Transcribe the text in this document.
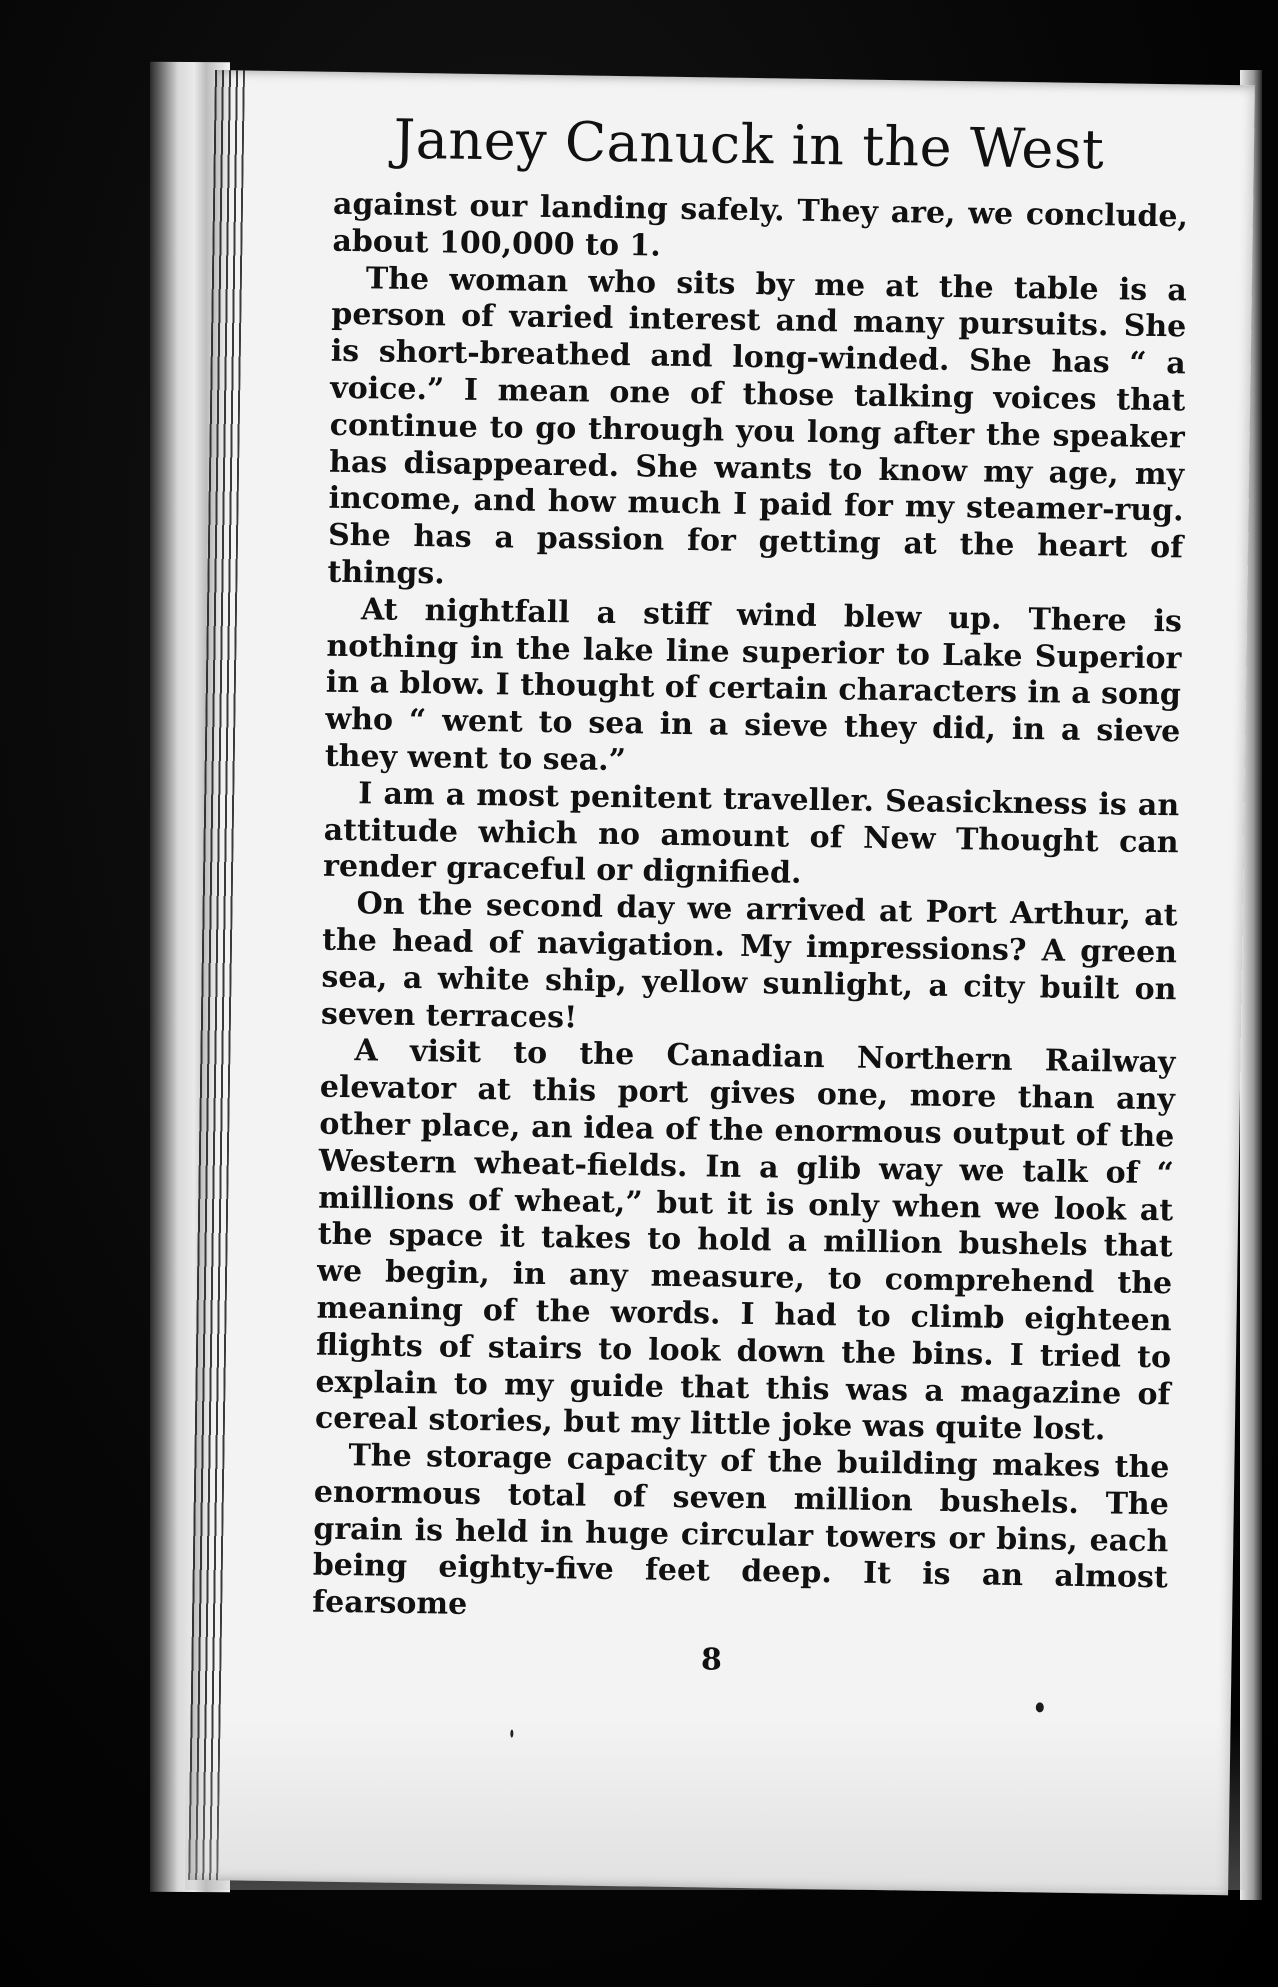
Janey Canuck in the West

against our landing safely. They are, we conclude, about 100,000 to 1.

The woman who sits by me at the table is a person of varied interest and many pursuits. She is short-breathed and long-winded. She has “ a voice.” I mean one of those talking voices that continue to go through you long after the speaker has disappeared. She wants to know my age, my income, and how much I paid for my steamer-rug. She has a passion for getting at the heart of things.

At nightfall a stiff wind blew up. There is nothing in the lake line superior to Lake Superior in a blow. I thought of certain characters in a song who “ went to sea in a sieve they did, in a sieve they went to sea.”

I am a most penitent traveller. Seasickness is an attitude which no amount of New Thought can render graceful or dignified.

On the second day we arrived at Port Arthur, at the head of navigation. My impressions? A green sea, a white ship, yellow sunlight, a city built on seven terraces!

A visit to the Canadian Northern Railway elevator at this port gives one, more than any other place, an idea of the enormous output of the Western wheat-fields. In a glib way we talk of “ millions of wheat,” but it is only when we look at the space it takes to hold a million bushels that we begin, in any measure, to comprehend the meaning of the words. I had to climb eighteen flights of stairs to look down the bins. I tried to explain to my guide that this was a magazine of cereal stories, but my little joke was quite lost.

The storage capacity of the building makes the enormous total of seven million bushels. The grain is held in huge circular towers or bins, each being eighty-five feet deep. It is an almost fearsome

8
